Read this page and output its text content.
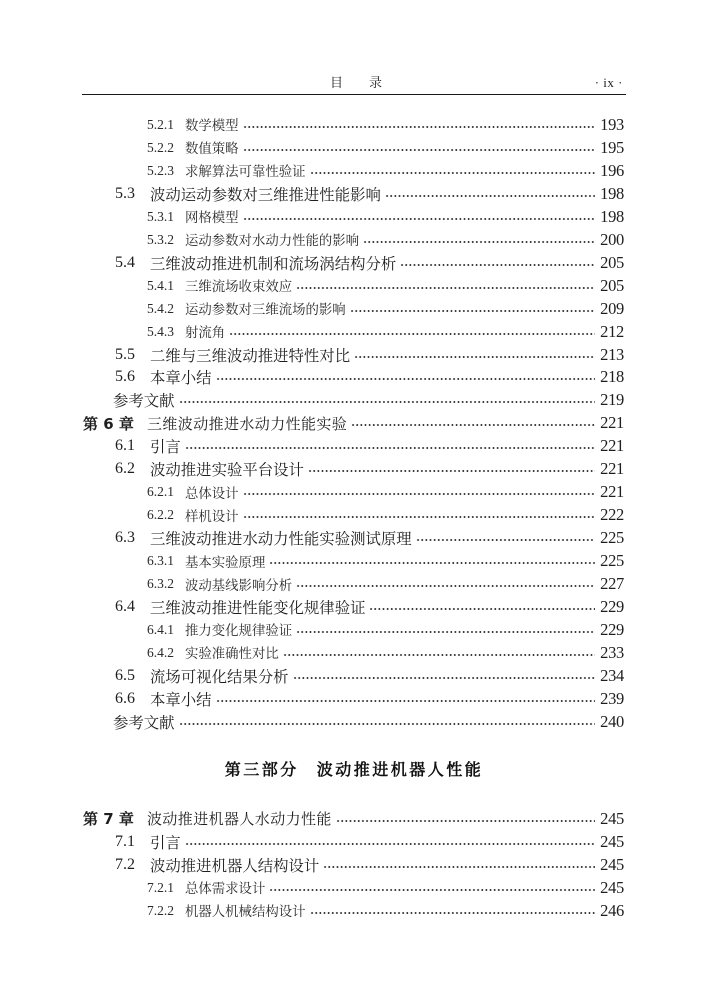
目 录	· ix ·
5.2.1 数学模型	193
5.2.2 数值策略	195
5.2.3 求解算法可靠性验证	196
5.3 波动运动参数对三维推进性能影响	198
5.3.1 网格模型	198
5.3.2 运动参数对水动力性能的影响	200
5.4 三维波动推进机制和流场涡结构分析	205
5.4.1 三维流场收束效应	205
5.4.2 运动参数对三维流场的影响	209
5.4.3 射流角	212
5.5 二维与三维波动推进特性对比	213
5.6 本章小结	218
参考文献	219
第 6 章 三维波动推进水动力性能实验	221
6.1 引言	221
6.2 波动推进实验平台设计	221
6.2.1 总体设计	221
6.2.2 样机设计	222
6.3 三维波动推进水动力性能实验测试原理	225
6.3.1 基本实验原理	225
6.3.2 波动基线影响分析	227
6.4 三维波动推进性能变化规律验证	229
6.4.1 推力变化规律验证	229
6.4.2 实验准确性对比	233
6.5 流场可视化结果分析	234
6.6 本章小结	239
参考文献	240
第三部分 波动推进机器人性能
第 7 章 波动推进机器人水动力性能	245
7.1 引言	245
7.2 波动推进机器人结构设计	245
7.2.1 总体需求设计	245
7.2.2 机器人机械结构设计	246
